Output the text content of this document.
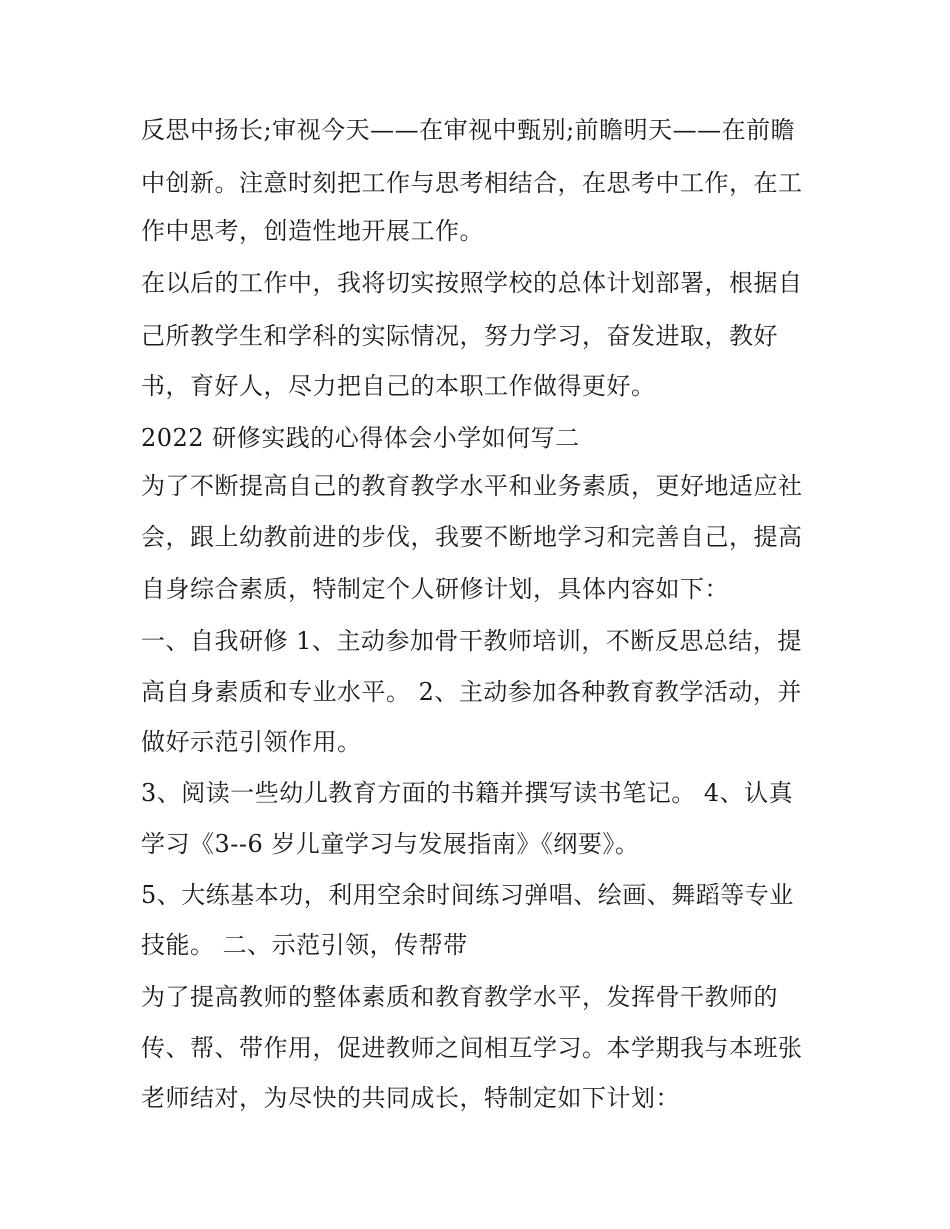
反思中扬长;审视今天——在审视中甄别;前瞻明天——在前瞻
中创新。注意时刻把工作与思考相结合，在思考中工作，在工
作中思考，创造性地开展工作。
在以后的工作中，我将切实按照学校的总体计划部署，根据自
己所教学生和学科的实际情况，努力学习，奋发进取，教好
书，育好人，尽力把自己的本职工作做得更好。
2022 研修实践的心得体会小学如何写二
为了不断提高自己的教育教学水平和业务素质，更好地适应社
会，跟上幼教前进的步伐，我要不断地学习和完善自己，提高
自身综合素质，特制定个人研修计划，具体内容如下：
一、自我研修 1、主动参加骨干教师培训，不断反思总结，提
高自身素质和专业水平。 2、主动参加各种教育教学活动，并
做好示范引领作用。
3、阅读一些幼儿教育方面的书籍并撰写读书笔记。 4、认真
学习《3--6 岁儿童学习与发展指南》《纲要》。
5、大练基本功，利用空余时间练习弹唱、绘画、舞蹈等专业
技能。 二、示范引领，传帮带
为了提高教师的整体素质和教育教学水平，发挥骨干教师的
传、帮、带作用，促进教师之间相互学习。本学期我与本班张
老师结对，为尽快的共同成长，特制定如下计划：
